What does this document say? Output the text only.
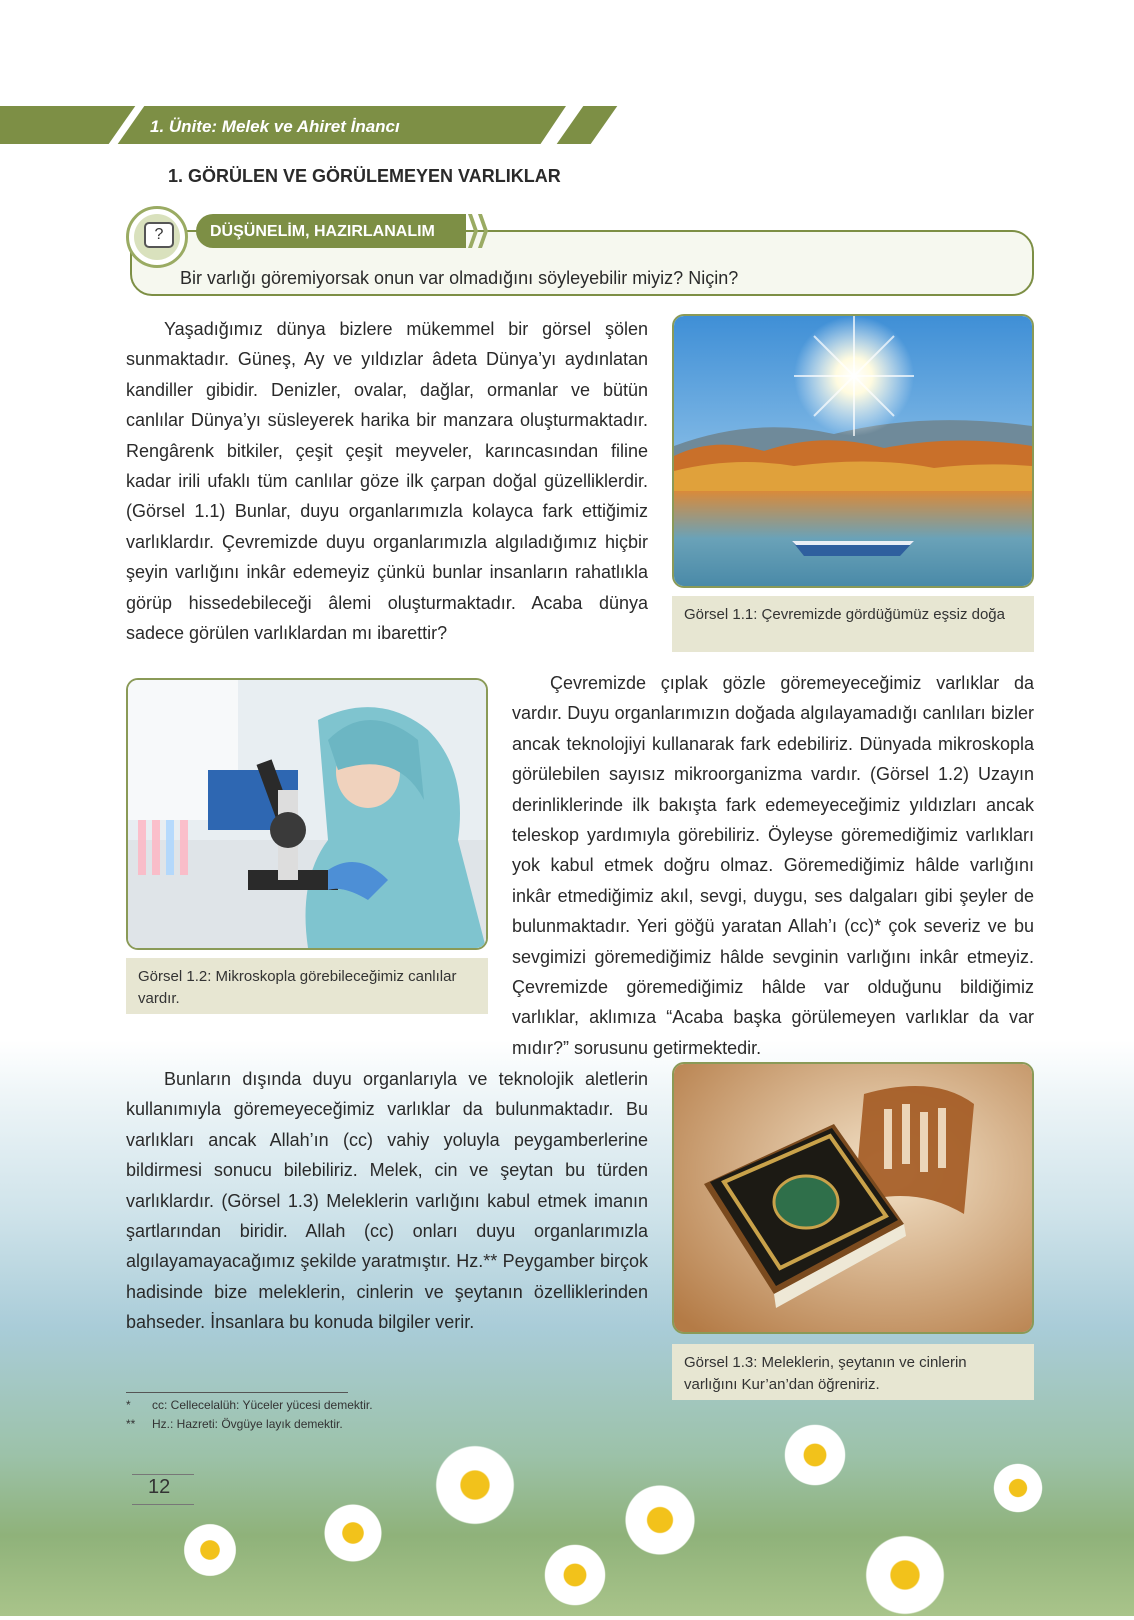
1. Ünite: Melek ve Ahiret İnancı
1. GÖRÜLEN VE GÖRÜLEMEYEN VARLIKLAR
DÜŞÜNELİM, HAZIRLANALIM
?
Bir varlığı göremiyorsak onun var olmadığını söyleyebilir miyiz? Niçin?

Yaşadığımız dünya bizlere mükemmel bir görsel şölen sunmaktadır. Güneş, Ay ve yıldızlar âdeta Dünya’yı aydınlatan kandiller gibidir. Denizler, ovalar, dağlar, ormanlar ve bütün canlılar Dünya’yı süsleyerek harika bir manzara oluşturmaktadır. Rengârenk bitkiler, çeşit çeşit meyveler, karıncasından filine kadar irili ufaklı tüm canlılar göze ilk çarpan doğal güzelliklerdir. (Görsel 1.1) Bunlar, duyu organlarımızla kolayca fark ettiğimiz varlıklardır. Çevremizde duyu organlarımızla algıladığımız hiçbir şeyin varlığını inkâr edemeyiz çünkü bunlar insanların rahatlıkla görüp hissedebileceği âlemi oluşturmaktadır. Acaba dünya sadece görülen varlıklardan mı ibarettir?

Görsel 1.1: Çevremizde gördüğümüz eşsiz doğa
Görsel 1.2: Mikroskopla görebileceğimiz canlılar vardır.

Çevremizde çıplak gözle göremeyeceğimiz varlıklar da vardır. Duyu organlarımızın doğada algılayamadığı canlıları bizler ancak teknolojiyi kullanarak fark edebiliriz. Dünyada mikroskopla görülebilen sayısız mikroorganizma vardır. (Görsel 1.2) Uzayın derinliklerinde ilk bakışta fark edemeyeceğimiz yıldızları ancak teleskop yardımıyla görebiliriz. Öyleyse göremediğimiz varlıkları yok kabul etmek doğru olmaz. Göremediğimiz hâlde varlığını inkâr etmediğimiz akıl, sevgi, duygu, ses dalgaları gibi şeyler de bulunmaktadır. Yeri göğü yaratan Allah’ı (cc)* çok severiz ve bu sevgimizi göremediğimiz hâlde sevginin varlığını inkâr etmeyiz. Çevremizde göremediğimiz hâlde var olduğunu bildiğimiz varlıklar, aklımıza “Acaba başka görülemeyen varlıklar da var mıdır?” sorusunu getirmektedir.

Bunların dışında duyu organlarıyla ve teknolojik aletlerin kullanımıyla göremeyeceğimiz varlıklar da bulunmaktadır. Bu varlıkları ancak Allah’ın (cc) vahiy yoluyla peygamberlerine bildirmesi sonucu bilebiliriz. Melek, cin ve şeytan bu türden varlıklardır. (Görsel 1.3) Meleklerin varlığını kabul etmek imanın şartlarından biridir. Allah (cc) onları duyu organlarımızla algılayamayacağımız şekilde yaratmıştır. Hz.** Peygamber birçok hadisinde bize meleklerin, cinlerin ve şeytanın özelliklerinden bahseder. İnsanlara bu konuda bilgiler verir.

Görsel 1.3: Meleklerin, şeytanın ve cinlerin varlığını Kur’an’dan öğreniriz.
* cc: Cellecelalüh: Yüceler yücesi demektir.
** Hz.: Hazreti: Övgüye layık demektir.
12
